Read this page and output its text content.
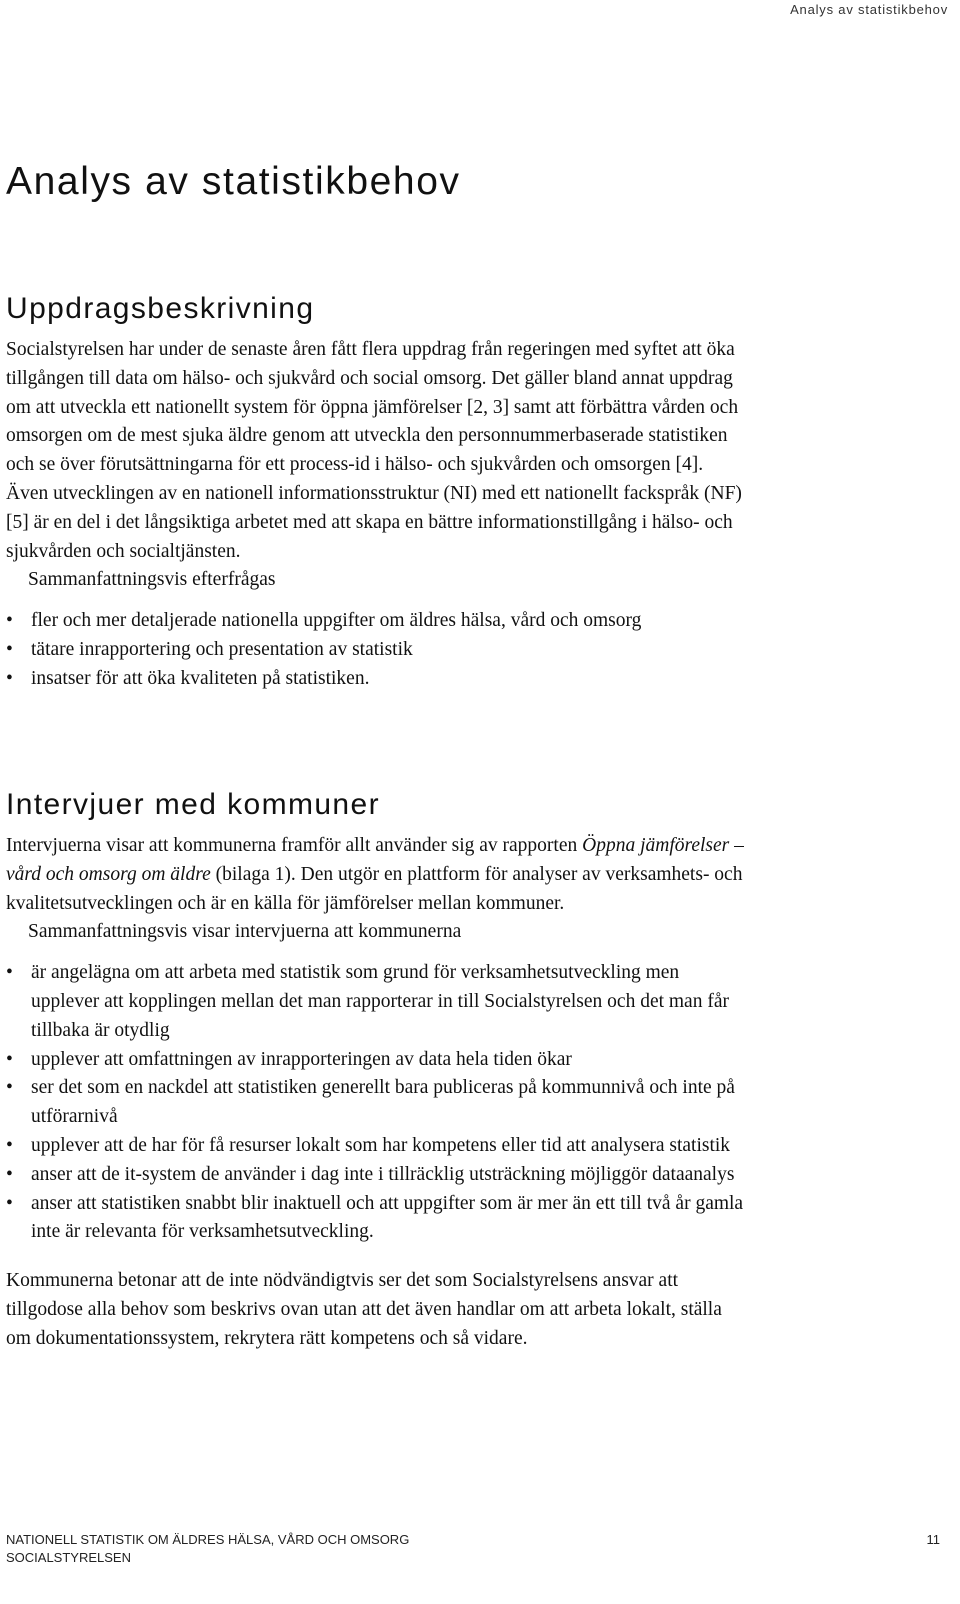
Analys av statistikbehov
Analys av statistikbehov
Uppdragsbeskrivning

Socialstyrelsen har under de senaste åren fått flera uppdrag från regeringen med syftet att öka tillgången till data om hälso- och sjukvård och social omsorg. Det gäller bland annat uppdrag om att utveckla ett nationellt system för öppna jämförelser [2, 3] samt att förbättra vården och omsorgen om de mest sjuka äldre genom att utveckla den personnummerbaserade statistiken och se över förutsättningarna för ett process-id i hälso- och sjukvården och omsorgen [4]. Även utvecklingen av en nationell informationsstruktur (NI) med ett nationellt fackspråk (NF) [5] är en del i det långsiktiga arbetet med att skapa en bättre informationstillgång i hälso- och sjukvården och socialtjänsten.

Sammanfattningsvis efterfrågas

• fler och mer detaljerade nationella uppgifter om äldres hälsa, vård och omsorg
• tätare inrapportering och presentation av statistik
• insatser för att öka kvaliteten på statistiken.
Intervjuer med kommuner

Intervjuerna visar att kommunerna framför allt använder sig av rapporten Öppna jämförelser – vård och omsorg om äldre (bilaga 1). Den utgör en plattform för analyser av verksamhets- och kvalitetsutvecklingen och är en källa för jämförelser mellan kommuner.

Sammanfattningsvis visar intervjuerna att kommunerna

• är angelägna om att arbeta med statistik som grund för verksamhetsutveckling men upplever att kopplingen mellan det man rapporterar in till Socialstyrelsen och det man får tillbaka är otydlig
• upplever att omfattningen av inrapporteringen av data hela tiden ökar
• ser det som en nackdel att statistiken generellt bara publiceras på kommunnivå och inte på utförarnivå
• upplever att de har för få resurser lokalt som har kompetens eller tid att analysera statistik
• anser att de it-system de använder i dag inte i tillräcklig utsträckning möjliggör dataanalys
• anser att statistiken snabbt blir inaktuell och att uppgifter som är mer än ett till två år gamla inte är relevanta för verksamhetsutveckling.

Kommunerna betonar att de inte nödvändigtvis ser det som Socialstyrelsens ansvar att tillgodose alla behov som beskrivs ovan utan att det även handlar om att arbeta lokalt, ställa om dokumentationssystem, rekrytera rätt kompetens och så vidare.

NATIONELL STATISTIK OM ÄLDRES HÄLSA, VÅRD OCH OMSORG	11
SOCIALSTYRELSEN
